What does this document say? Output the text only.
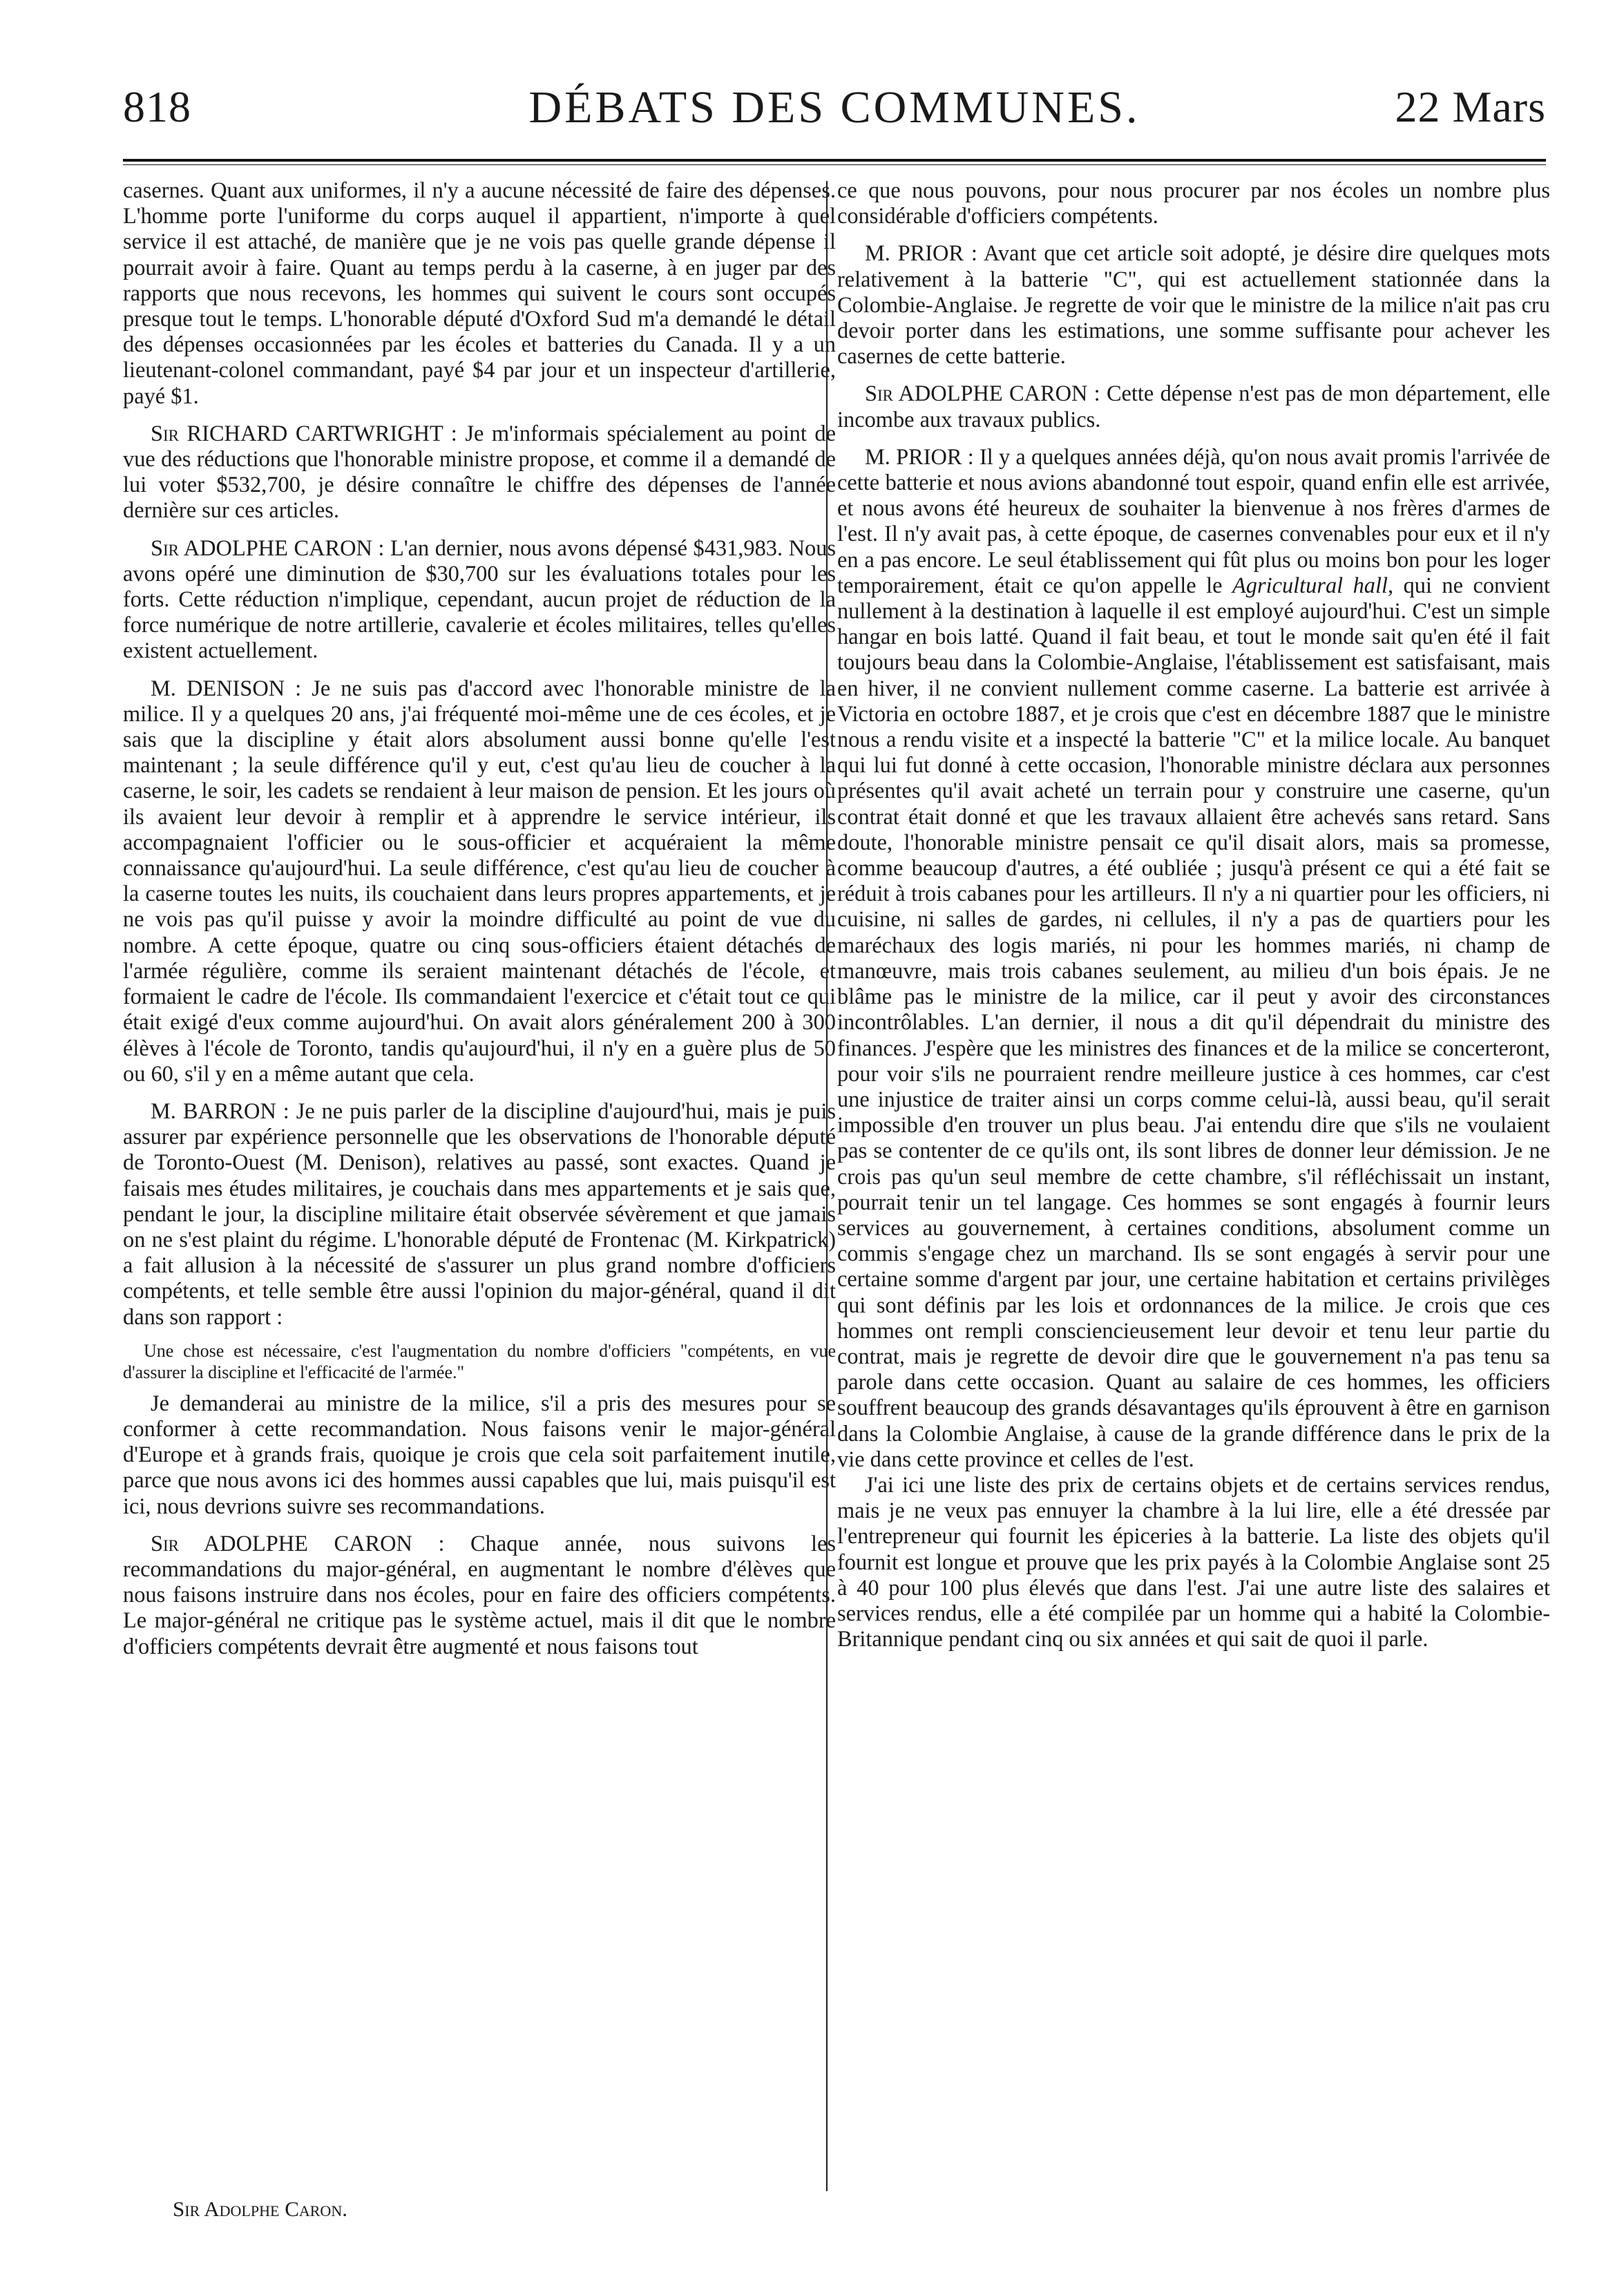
818	DÉBATS DES COMMUNES.	22 Mars

casernes. Quant aux uniformes, il n'y a aucune nécessité de faire des dépenses. L'homme porte l'uniforme du corps auquel il appartient, n'importe à quel service il est attaché, de manière que je ne vois pas quelle grande dépense il pourrait avoir à faire. Quant au temps perdu à la caserne, à en juger par des rapports que nous recevons, les hommes qui suivent le cours sont occupés presque tout le temps. L'honorable député d'Oxford Sud m'a demandé le détail des dépenses occasionnées par les écoles et batteries du Canada. Il y a un lieutenant-colonel commandant, payé $4 par jour et un inspecteur d'artillerie, payé $1.

Sir RICHARD CARTWRIGHT : Je m'informais spécialement au point de vue des réductions que l'honorable ministre propose, et comme il a demandé de lui voter $532,700, je désire connaître le chiffre des dépenses de l'année dernière sur ces articles.

Sir ADOLPHE CARON : L'an dernier, nous avons dépensé $431,983. Nous avons opéré une diminution de $30,700 sur les évaluations totales pour les forts. Cette réduction n'implique, cependant, aucun projet de réduction de la force numérique de notre artillerie, cavalerie et écoles militaires, telles qu'elles existent actuellement.

M. DENISON : Je ne suis pas d'accord avec l'honorable ministre de la milice. Il y a quelques 20 ans, j'ai fréquenté moi-même une de ces écoles, et je sais que la discipline y était alors absolument aussi bonne qu'elle l'est maintenant ; la seule différence qu'il y eut, c'est qu'au lieu de coucher à la caserne, le soir, les cadets se rendaient à leur maison de pension. Et les jours où ils avaient leur devoir à remplir et à apprendre le service intérieur, ils accompagnaient l'officier ou le sous-officier et acquéraient la même connaissance qu'aujourd'hui. La seule différence, c'est qu'au lieu de coucher à la caserne toutes les nuits, ils couchaient dans leurs propres appartements, et je ne vois pas qu'il puisse y avoir la moindre difficulté au point de vue du nombre. A cette époque, quatre ou cinq sous-officiers étaient détachés de l'armée régulière, comme ils seraient maintenant détachés de l'école, et formaient le cadre de l'école. Ils commandaient l'exercice et c'était tout ce qui était exigé d'eux comme aujourd'hui. On avait alors généralement 200 à 300 élèves à l'école de Toronto, tandis qu'aujourd'hui, il n'y en a guère plus de 50 ou 60, s'il y en a même autant que cela.

M. BARRON : Je ne puis parler de la discipline d'aujourd'hui, mais je puis assurer par expérience personnelle que les observations de l'honorable député de Toronto-Ouest (M. Denison), relatives au passé, sont exactes. Quand je faisais mes études militaires, je couchais dans mes appartements et je sais que, pendant le jour, la discipline militaire était observée sévèrement et que jamais on ne s'est plaint du régime. L'honorable député de Frontenac (M. Kirkpatrick) a fait allusion à la nécessité de s'assurer un plus grand nombre d'officiers compétents, et telle semble être aussi l'opinion du major-général, quand il dit dans son rapport :

Une chose est nécessaire, c'est l'augmentation du nombre d'officiers "compétents, en vue d'assurer la discipline et l'efficacité de l'armée."

Je demanderai au ministre de la milice, s'il a pris des mesures pour se conformer à cette recommandation. Nous faisons venir le major-général d'Europe et à grands frais, quoique je crois que cela soit parfaitement inutile, parce que nous avons ici des hommes aussi capables que lui, mais puisqu'il est ici, nous devrions suivre ses recommandations.

Sir ADOLPHE CARON : Chaque année, nous suivons les recommandations du major-général, en augmentant le nombre d'élèves que nous faisons instruire dans nos écoles, pour en faire des officiers compétents. Le major-général ne critique pas le système actuel, mais il dit que le nombre d'officiers compétents devrait être augmenté et nous faisons tout

ce que nous pouvons, pour nous procurer par nos écoles un nombre plus considérable d'officiers compétents.

M. PRIOR : Avant que cet article soit adopté, je désire dire quelques mots relativement à la batterie "C", qui est actuellement stationnée dans la Colombie-Anglaise. Je regrette de voir que le ministre de la milice n'ait pas cru devoir porter dans les estimations, une somme suffisante pour achever les casernes de cette batterie.

Sir ADOLPHE CARON : Cette dépense n'est pas de mon département, elle incombe aux travaux publics.

M. PRIOR : Il y a quelques années déjà, qu'on nous avait promis l'arrivée de cette batterie et nous avions abandonné tout espoir, quand enfin elle est arrivée, et nous avons été heureux de souhaiter la bienvenue à nos frères d'armes de l'est. Il n'y avait pas, à cette époque, de casernes convenables pour eux et il n'y en a pas encore. Le seul établissement qui fût plus ou moins bon pour les loger temporairement, était ce qu'on appelle le Agricultural hall, qui ne convient nullement à la destination à laquelle il est employé aujourd'hui. C'est un simple hangar en bois latté. Quand il fait beau, et tout le monde sait qu'en été il fait toujours beau dans la Colombie-Anglaise, l'établissement est satisfaisant, mais en hiver, il ne convient nullement comme caserne. La batterie est arrivée à Victoria en octobre 1887, et je crois que c'est en décembre 1887 que le ministre nous a rendu visite et a inspecté la batterie "C" et la milice locale. Au banquet qui lui fut donné à cette occasion, l'honorable ministre déclara aux personnes présentes qu'il avait acheté un terrain pour y construire une caserne, qu'un contrat était donné et que les travaux allaient être achevés sans retard. Sans doute, l'honorable ministre pensait ce qu'il disait alors, mais sa promesse, comme beaucoup d'autres, a été oubliée ; jusqu'à présent ce qui a été fait se réduit à trois cabanes pour les artilleurs. Il n'y a ni quartier pour les officiers, ni cuisine, ni salles de gardes, ni cellules, il n'y a pas de quartiers pour les maréchaux des logis mariés, ni pour les hommes mariés, ni champ de manœuvre, mais trois cabanes seulement, au milieu d'un bois épais. Je ne blâme pas le ministre de la milice, car il peut y avoir des circonstances incontrôlables. L'an dernier, il nous a dit qu'il dépendrait du ministre des finances. J'espère que les ministres des finances et de la milice se concerteront, pour voir s'ils ne pourraient rendre meilleure justice à ces hommes, car c'est une injustice de traiter ainsi un corps comme celui-là, aussi beau, qu'il serait impossible d'en trouver un plus beau. J'ai entendu dire que s'ils ne voulaient pas se contenter de ce qu'ils ont, ils sont libres de donner leur démission. Je ne crois pas qu'un seul membre de cette chambre, s'il réfléchissait un instant, pourrait tenir un tel langage. Ces hommes se sont engagés à fournir leurs services au gouvernement, à certaines conditions, absolument comme un commis s'engage chez un marchand. Ils se sont engagés à servir pour une certaine somme d'argent par jour, une certaine habitation et certains privilèges qui sont définis par les lois et ordonnances de la milice. Je crois que ces hommes ont rempli consciencieusement leur devoir et tenu leur partie du contrat, mais je regrette de devoir dire que le gouvernement n'a pas tenu sa parole dans cette occasion. Quant au salaire de ces hommes, les officiers souffrent beaucoup des grands désavantages qu'ils éprouvent à être en garnison dans la Colombie Anglaise, à cause de la grande différence dans le prix de la vie dans cette province et celles de l'est.

J'ai ici une liste des prix de certains objets et de certains services rendus, mais je ne veux pas ennuyer la chambre à la lui lire, elle a été dressée par l'entrepreneur qui fournit les épiceries à la batterie. La liste des objets qu'il fournit est longue et prouve que les prix payés à la Colombie Anglaise sont 25 à 40 pour 100 plus élevés que dans l'est. J'ai une autre liste des salaires et services rendus, elle a été compilée par un homme qui a habité la Colombie-Britannique pendant cinq ou six années et qui sait de quoi il parle.

Sir Adolphe Caron.
